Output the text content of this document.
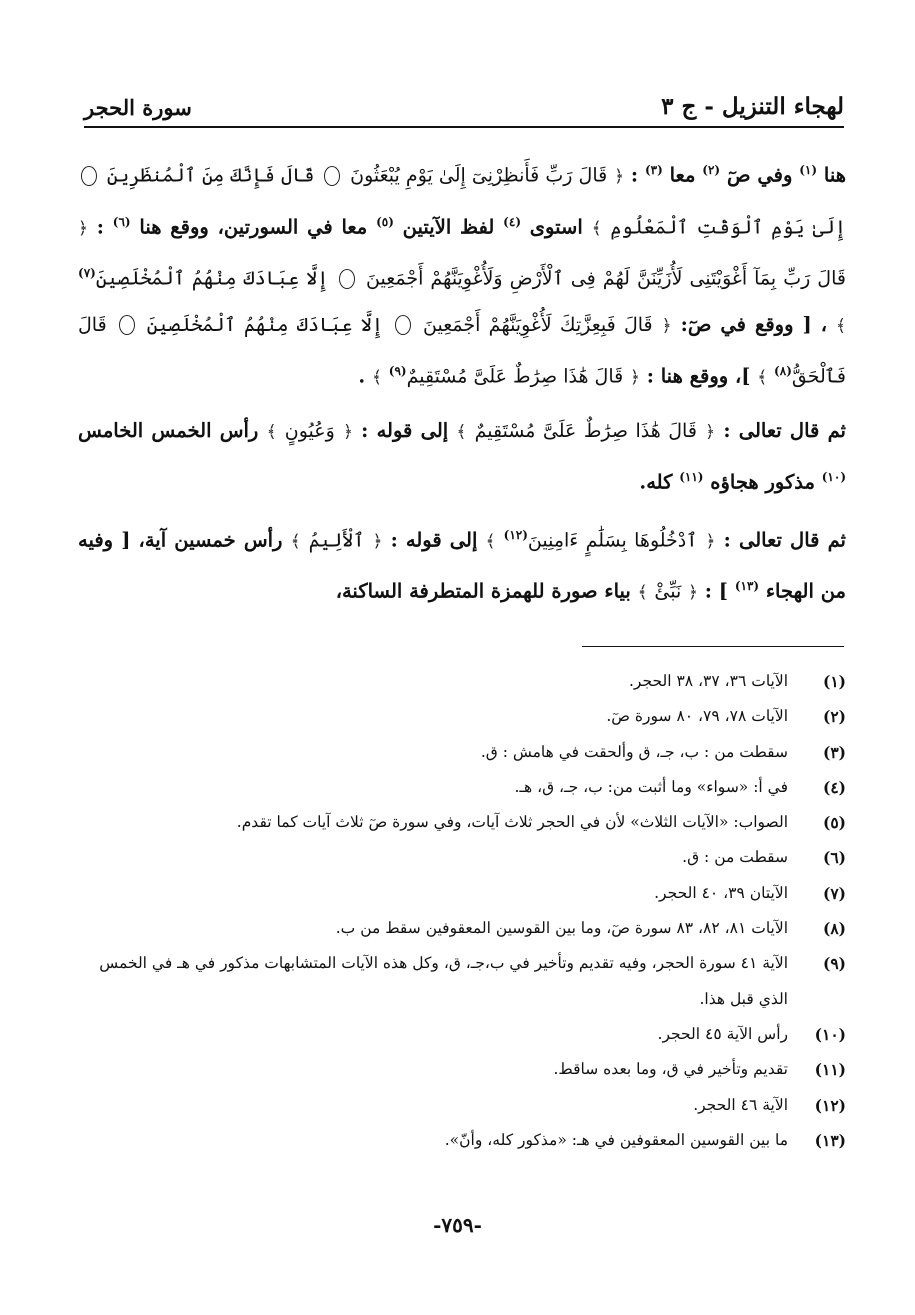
لهجاء التنزيل - ج ٣
سورة الحجر

هنا $^{(١)}$ وفي صٓ $^{(٢)}$ معا $^{(٣)}$ : ﴿ قَالَ رَبِّ فَأَنظِرْنِىٓ إِلَىٰ يَوْمِ يُبْعَثُونَ  قَالَ فَإِنَّكَ مِنَ ٱلْمُنظَرِينَ  إِلَىٰ يَوْمِ ٱلْوَقْتِ ٱلْمَعْلُومِ ﴾ استوى $^{(٤)}$ لفظ الآيتين $^{(٥)}$ معا في السورتين، ووقع هنا $^{(٦)}$ : ﴿ قَالَ رَبِّ بِمَآ أَغْوَيْتَنِى لَأُزَيِّنَنَّ لَهُمْ فِى ٱلْأَرْضِ وَلَأُغْوِيَنَّهُمْ أَجْمَعِينَ  إِلَّا عِبَادَكَ مِنْهُمُ ٱلْمُخْلَصِينَ$^{(٧)}$ ﴾ ، [ ووقع في صٓ: ﴿ قَالَ فَبِعِزَّتِكَ لَأُغْوِيَنَّهُمْ أَجْمَعِينَ  إِلَّا عِبَادَكَ مِنْهُمُ ٱلْمُخْلَصِينَ  قَالَ فَٱلْحَقُّ$^{(٨)}$ ﴾ ]، ووقع هنا : ﴿ قَالَ هَٰذَا صِرَٰطٌ عَلَىَّ مُسْتَقِيمٌ$^{(٩)}$ ﴾ .

ثم قال تعالى : ﴿ قَالَ هَٰذَا صِرَٰطٌ عَلَىَّ مُسْتَقِيمٌ ﴾ إلى قوله : ﴿ وَعُيُونٍ ﴾ رأس الخمس الخامس $^{(١٠)}$ مذكور هجاؤه $^{(١١)}$ كله.

ثم قال تعالى : ﴿ ٱدْخُلُوهَا بِسَلَٰمٍ ءَامِنِينَ$^{(١٢)}$ ﴾ إلى قوله : ﴿ ٱلْأَلِيمُ ﴾ رأس خمسين آية، [ وفيه من الهجاء $^{(١٣)}$ ] : ﴿ نَبِّئْ ﴾ بياء صورة للهمزة المتطرفة الساكنة،

(١)
الآيات ٣٦، ٣٧، ٣٨ الحجر.
(٢)
الآيات ٧٨، ٧٩، ٨٠ سورة صٓ.
(٣)
سقطت من : ب، جـ، ق وألحقت في هامش : ق.
(٤)
في أ: «سواء» وما أثبت من: ب، جـ، ق، هـ.
(٥)
الصواب: «الآيات الثلاث» لأن في الحجر ثلاث آيات، وفي سورة صٓ ثلاث آيات كما تقدم.
(٦)
سقطت من : ق.
(٧)
الآيتان ٣٩، ٤٠ الحجر.
(٨)
الآيات ٨١، ٨٢، ٨٣ سورة صٓ، وما بين القوسين المعقوفين سقط من ب.
(٩)
الآية ٤١ سورة الحجر، وفيه تقديم وتأخير في ب،جـ، ق، وكل هذه الآيات المتشابهات مذكور في هـ في الخمس الذي قبل هذا.
(١٠)
رأس الآية ٤٥ الحجر.
(١١)
تقديم وتأخير في ق، وما بعده ساقط.
(١٢)
الآية ٤٦ الحجر.
(١٣)
ما بين القوسين المعقوفين في هـ: «مذكور كله، وأنّ».
-٧٥٩-
